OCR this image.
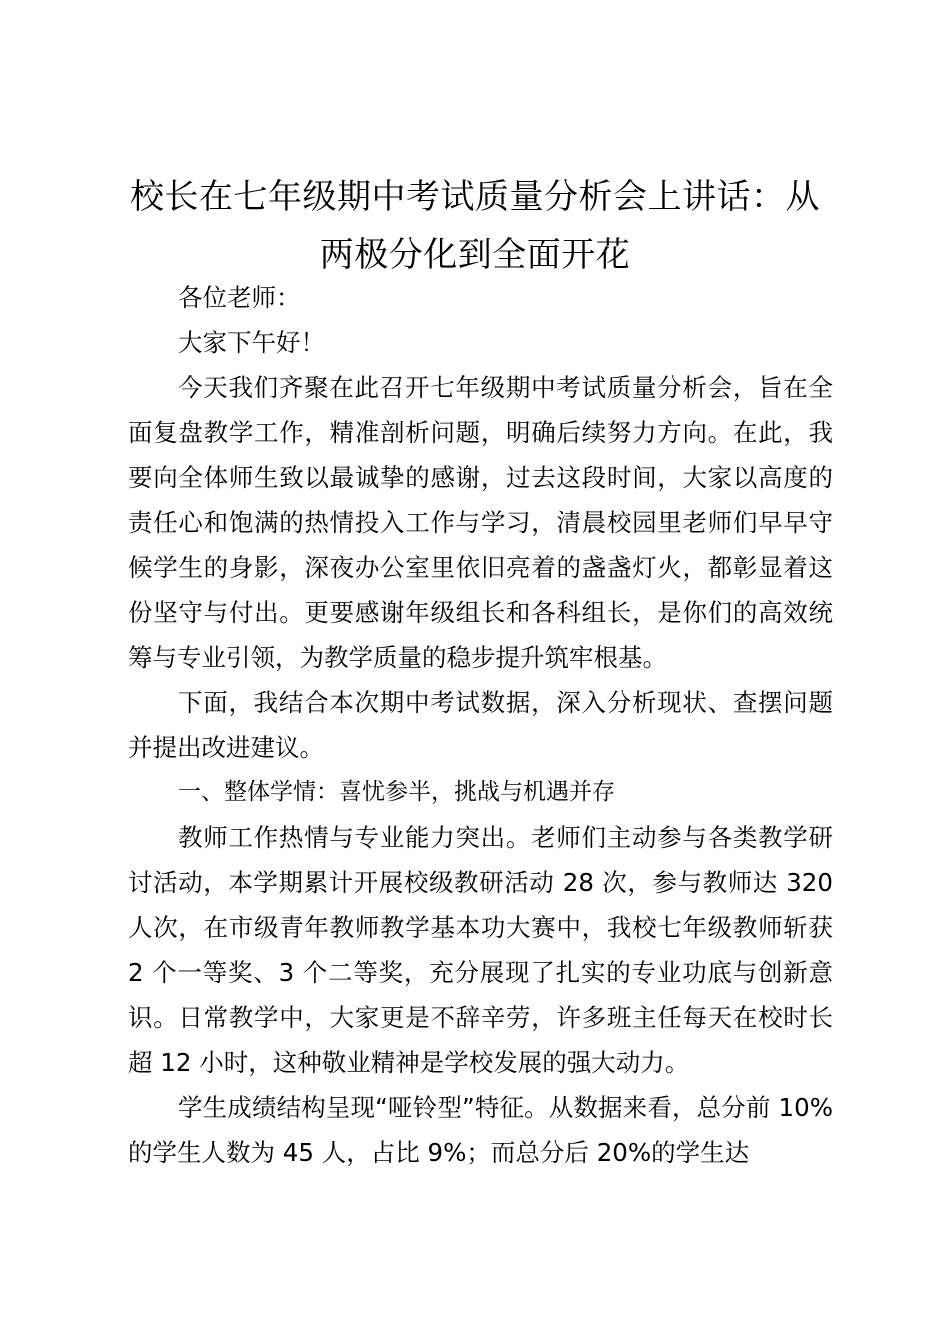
校长在七年级期中考试质量分析会上讲话：从
两极分化到全面开花

各位老师：

大家下午好！

今天我们齐聚在此召开七年级期中考试质量分析会，旨在全面复盘教学工作，精准剖析问题，明确后续努力方向。在此，我要向全体师生致以最诚挚的感谢，过去这段时间，大家以高度的责任心和饱满的热情投入工作与学习，清晨校园里老师们早早守候学生的身影，深夜办公室里依旧亮着的盏盏灯火，都彰显着这份坚守与付出。更要感谢年级组长和各科组长，是你们的高效统筹与专业引领，为教学质量的稳步提升筑牢根基。

下面，我结合本次期中考试数据，深入分析现状、查摆问题并提出改进建议。

一、整体学情：喜忧参半，挑战与机遇并存

教师工作热情与专业能力突出。老师们主动参与各类教学研讨活动，本学期累计开展校级教研活动 28 次，参与教师达 320 人次，在市级青年教师教学基本功大赛中，我校七年级教师斩获 2 个一等奖、3 个二等奖，充分展现了扎实的专业功底与创新意识。日常教学中，大家更是不辞辛劳，许多班主任每天在校时长超 12 小时，这种敬业精神是学校发展的强大动力。

学生成绩结构呈现“哑铃型”特征。从数据来看，总分前 10%的学生人数为 45 人，占比 9%；而总分后 20%的学生达
